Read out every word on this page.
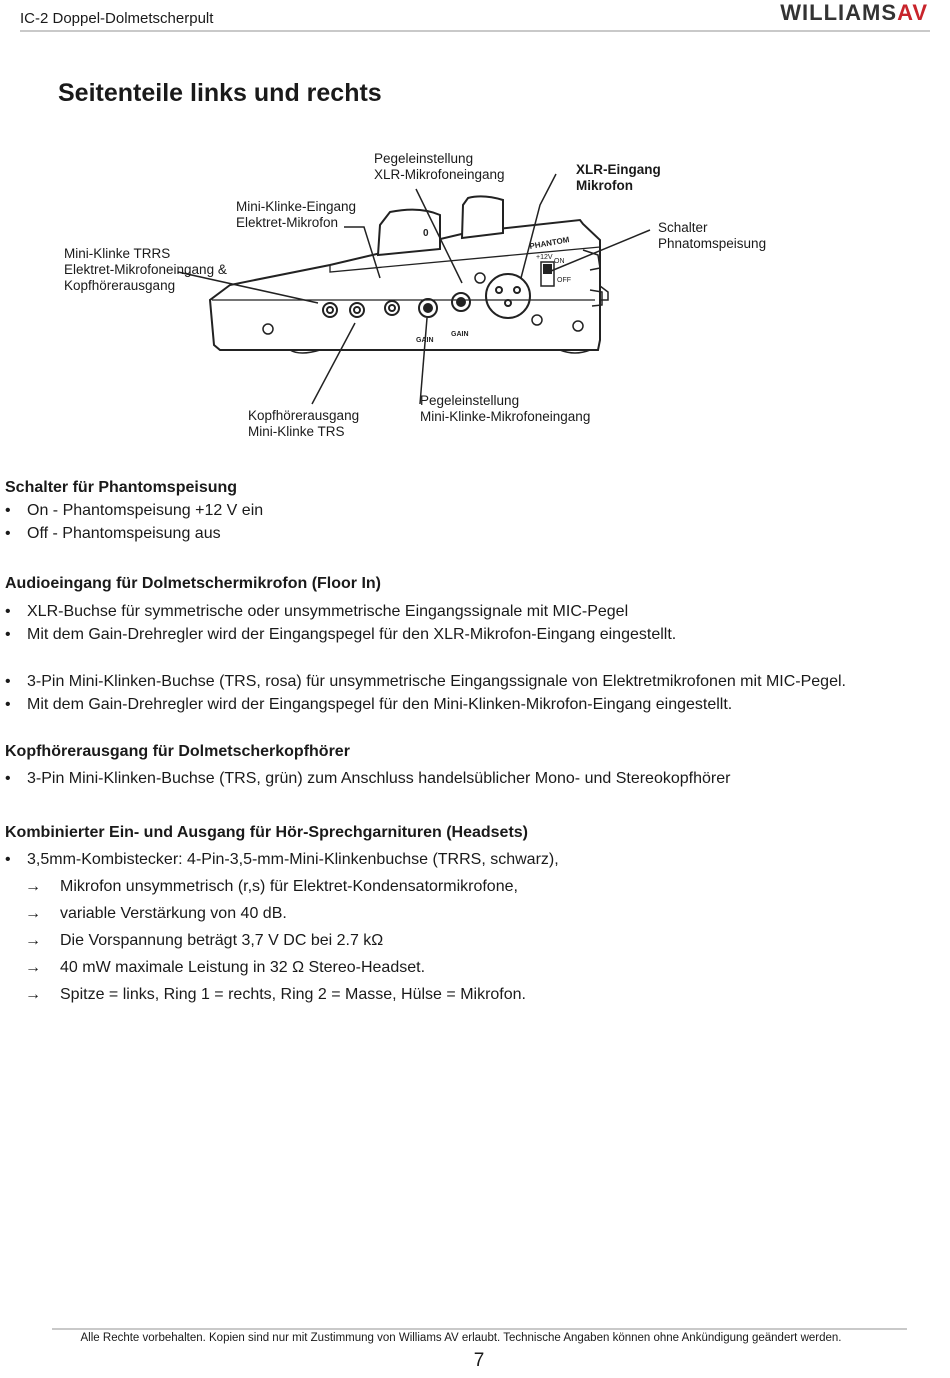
IC-2 Doppel-Dolmetscherpult	WILLIAMSAV
Seitenteile links und rechts
PHANTOM
+12V
ON
OFF
GAIN
GAIN
0
Mini-Klinke TRRS
Elektret-Mikrofoneingang &
Kopfhörerausgang
Mini-Klinke-Eingang
Elektret-Mikrofon
Pegeleinstellung
XLR-Mikrofoneingang	XLR-Eingang
Mikrofon
Schalter
Phnatomspeisung
Kopfhörerausgang
Mini-Klinke TRS
Pegeleinstellung
Mini-Klinke-Mikrofoneingang
Schalter für Phantomspeisung
• On - Phantomspeisung +12 V ein
• Off - Phantomspeisung aus
Audioeingang für Dolmetschermikrofon (Floor In)
• XLR-Buchse für symmetrische oder unsymmetrische Eingangssignale mit MIC-Pegel
• Mit dem Gain-Drehregler wird der Eingangspegel für den XLR-Mikrofon-Eingang eingestellt.
• 3-Pin Mini-Klinken-Buchse (TRS, rosa) für unsymmetrische Eingangssignale von Elektretmikrofonen mit MIC-Pegel.
• Mit dem Gain-Drehregler wird der Eingangspegel für den Mini-Klinken-Mikrofon-Eingang eingestellt.
Kopfhörerausgang für Dolmetscherkopfhörer
• 3-Pin Mini-Klinken-Buchse (TRS, grün) zum Anschluss handelsüblicher Mono- und Stereokopfhörer
Kombinierter Ein- und Ausgang für Hör-Sprechgarnituren (Headsets)
• 3,5mm-Kombistecker: 4-Pin-3,5-mm-Mini-Klinkenbuchse (TRRS, schwarz),
→ Mikrofon unsymmetrisch (r,s) für Elektret-Kondensatormikrofone,
→ variable Verstärkung von 40 dB.
→ Die Vorspannung beträgt 3,7 V DC bei 2.7 kΩ
→ 40 mW maximale Leistung in 32 Ω Stereo-Headset.
→ Spitze = links, Ring 1 = rechts, Ring 2 = Masse, Hülse = Mikrofon.
Alle Rechte vorbehalten. Kopien sind nur mit Zustimmung von Williams AV erlaubt. Technische Angaben können ohne Ankündigung geändert werden.
7
